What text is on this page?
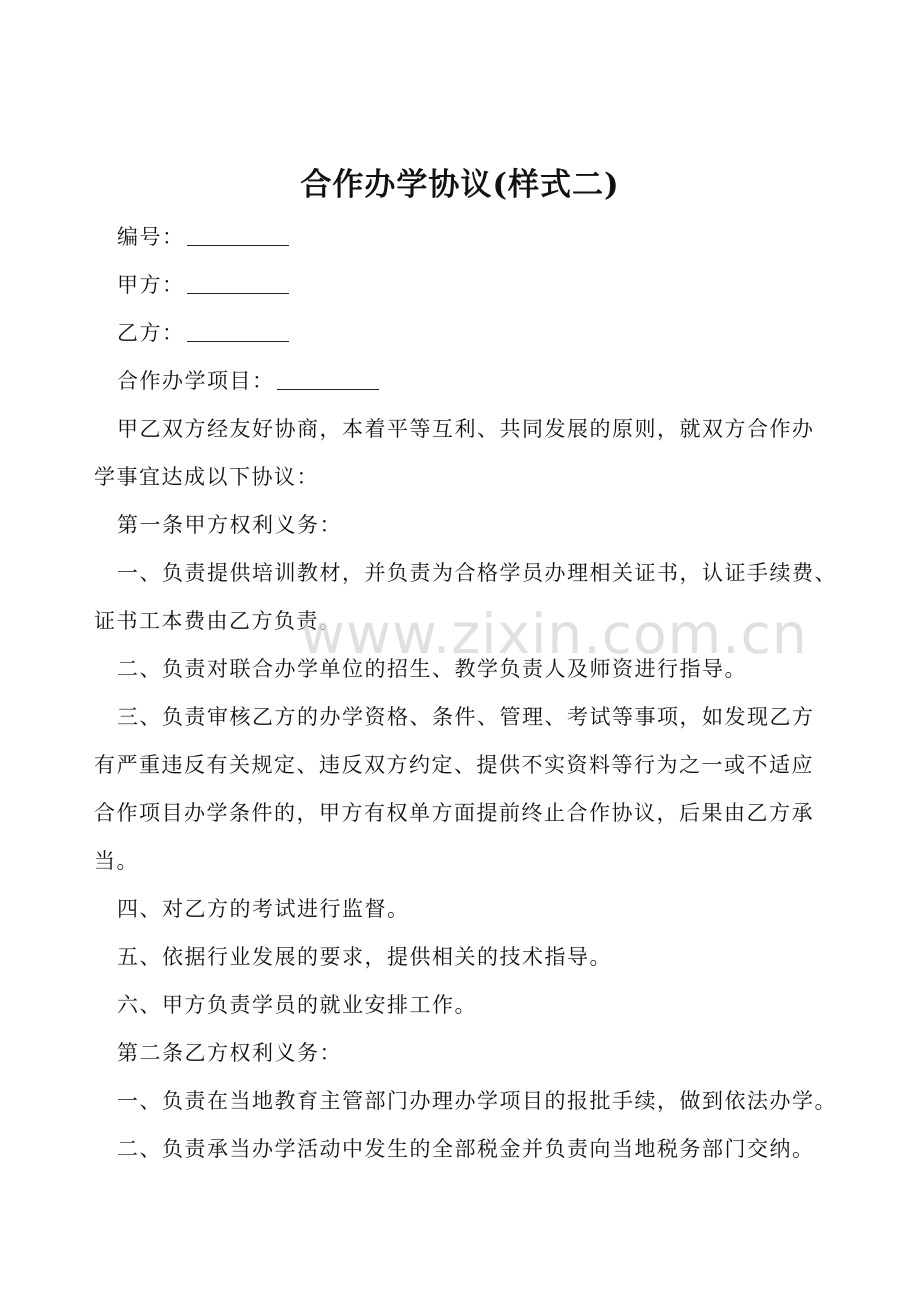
合作办学协议(样式二)
编号：
甲方：
乙方：
合作办学项目：
甲乙双方经友好协商，本着平等互利、共同发展的原则，就双方合作办
学事宜达成以下协议：
第一条甲方权利义务：
一、负责提供培训教材，并负责为合格学员办理相关证书，认证手续费、
证书工本费由乙方负责。
二、负责对联合办学单位的招生、教学负责人及师资进行指导。
三、负责审核乙方的办学资格、条件、管理、考试等事项，如发现乙方
有严重违反有关规定、违反双方约定、提供不实资料等行为之一或不适应
合作项目办学条件的，甲方有权单方面提前终止合作协议，后果由乙方承
当。
四、对乙方的考试进行监督。
五、依据行业发展的要求，提供相关的技术指导。
六、甲方负责学员的就业安排工作。
第二条乙方权利义务：
一、负责在当地教育主管部门办理办学项目的报批手续，做到依法办学。
二、负责承当办学活动中发生的全部税金并负责向当地税务部门交纳。
www.zixin.com.cn
